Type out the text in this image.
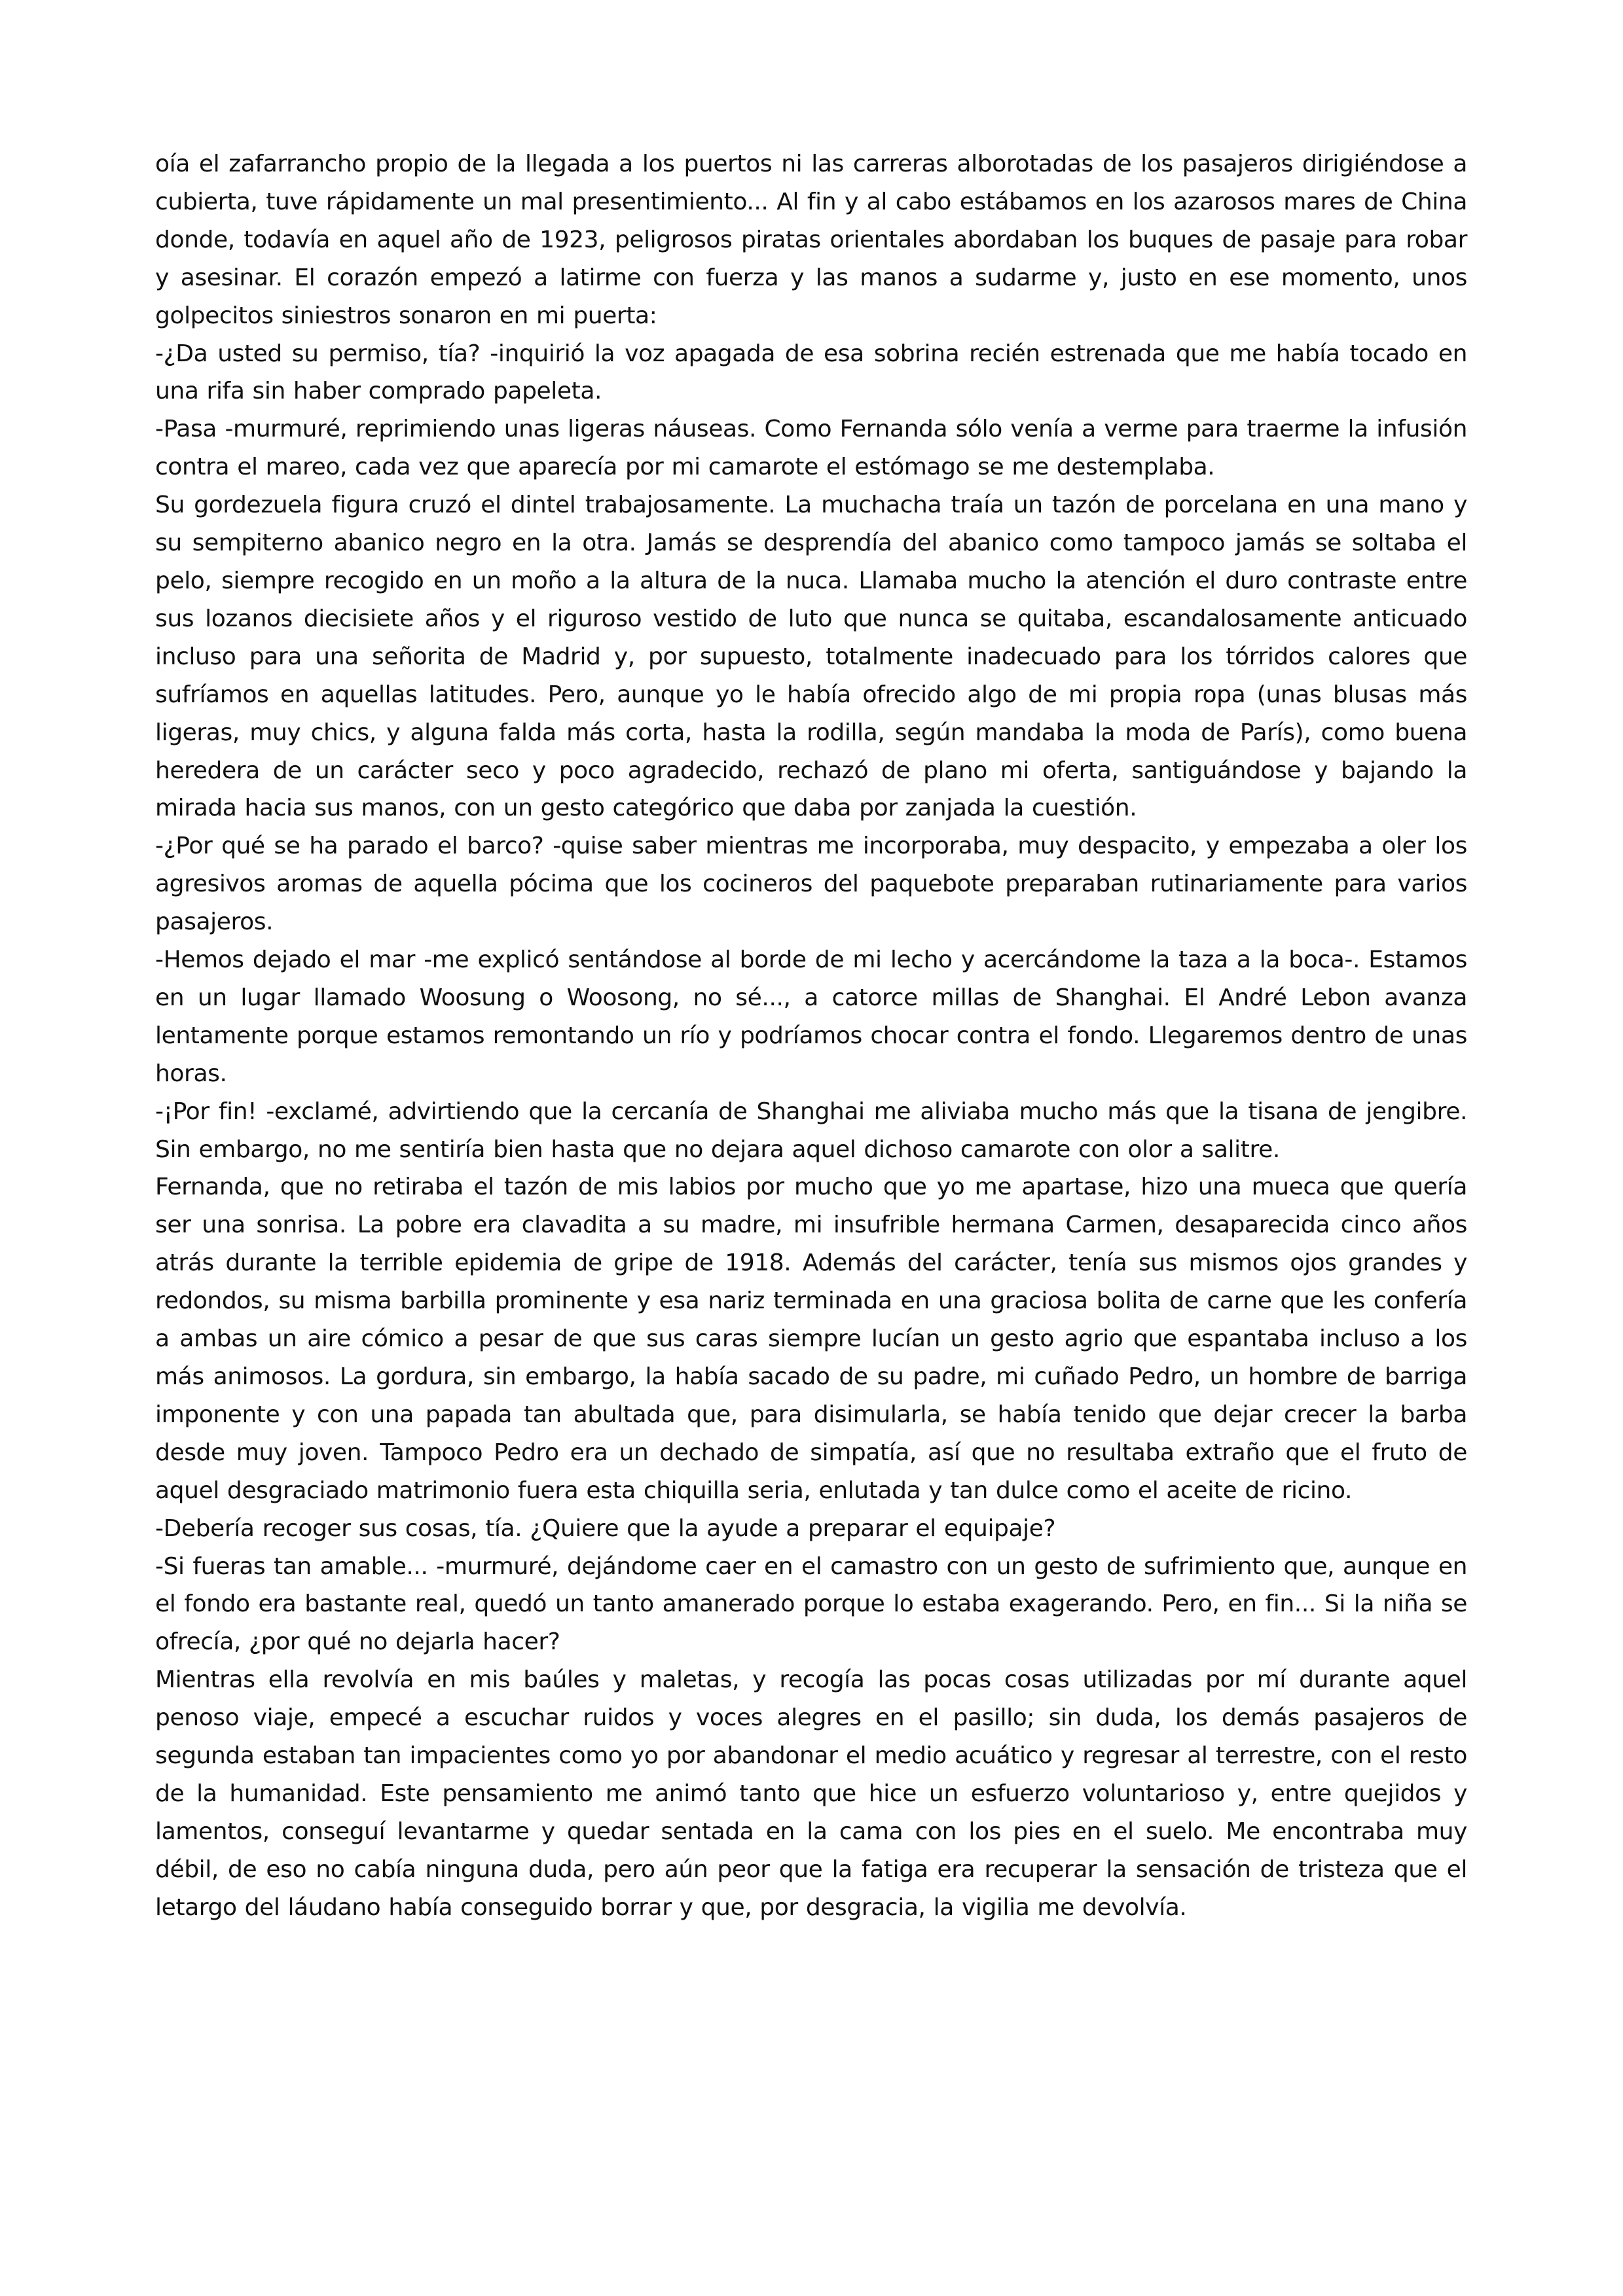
oía el zafarrancho propio de la llegada a los puertos ni las carreras alborotadas de los pasajeros dirigiéndose a cubierta, tuve rápidamente un mal presentimiento... Al fin y al cabo estábamos en los azarosos mares de China donde, todavía en aquel año de 1923, peligrosos piratas orientales abordaban los buques de pasaje para robar y asesinar. El corazón empezó a latirme con fuerza y las manos a sudarme y, justo en ese momento, unos golpecitos siniestros sonaron en mi puerta:

-¿Da usted su permiso, tía? -inquirió la voz apagada de esa sobrina recién estrenada que me había tocado en una rifa sin haber comprado papeleta.

-Pasa -murmuré, reprimiendo unas ligeras náuseas. Como Fernanda sólo venía a verme para traerme la infusión contra el mareo, cada vez que aparecía por mi camarote el estómago se me destemplaba.

Su gordezuela figura cruzó el dintel trabajosamente. La muchacha traía un tazón de porcelana en una mano y su sempiterno abanico negro en la otra. Jamás se desprendía del abanico como tampoco jamás se soltaba el pelo, siempre recogido en un moño a la altura de la nuca. Llamaba mucho la atención el duro contraste entre sus lozanos diecisiete años y el riguroso vestido de luto que nunca se quitaba, escandalosamente anticuado incluso para una señorita de Madrid y, por supuesto, totalmente inadecuado para los tórridos calores que sufríamos en aquellas latitudes. Pero, aunque yo le había ofrecido algo de mi propia ropa (unas blusas más ligeras, muy chics, y alguna falda más corta, hasta la rodilla, según mandaba la moda de París), como buena heredera de un carácter seco y poco agradecido, rechazó de plano mi oferta, santiguándose y bajando la mirada hacia sus manos, con un gesto categórico que daba por zanjada la cuestión.

-¿Por qué se ha parado el barco? -quise saber mientras me incorporaba, muy despacito, y empezaba a oler los agresivos aromas de aquella pócima que los cocineros del paquebote preparaban rutinariamente para varios pasajeros.

-Hemos dejado el mar -me explicó sentándose al borde de mi lecho y acercándome la taza a la boca-. Estamos en un lugar llamado Woosung o Woosong, no sé..., a catorce millas de Shanghai. El André Lebon avanza lentamente porque estamos remontando un río y podríamos chocar contra el fondo. Llegaremos dentro de unas horas.

-¡Por fin! -exclamé, advirtiendo que la cercanía de Shanghai me aliviaba mucho más que la tisana de jengibre. Sin embargo, no me sentiría bien hasta que no dejara aquel dichoso camarote con olor a salitre.

Fernanda, que no retiraba el tazón de mis labios por mucho que yo me apartase, hizo una mueca que quería ser una sonrisa. La pobre era clavadita a su madre, mi insufrible hermana Carmen, desaparecida cinco años atrás durante la terrible epidemia de gripe de 1918. Además del carácter, tenía sus mismos ojos grandes y redondos, su misma barbilla prominente y esa nariz terminada en una graciosa bolita de carne que les confería a ambas un aire cómico a pesar de que sus caras siempre lucían un gesto agrio que espantaba incluso a los más animosos. La gordura, sin embargo, la había sacado de su padre, mi cuñado Pedro, un hombre de barriga imponente y con una papada tan abultada que, para disimularla, se había tenido que dejar crecer la barba desde muy joven. Tampoco Pedro era un dechado de simpatía, así que no resultaba extraño que el fruto de aquel desgraciado matrimonio fuera esta chiquilla seria, enlutada y tan dulce como el aceite de ricino.

-Debería recoger sus cosas, tía. ¿Quiere que la ayude a preparar el equipaje?

-Si fueras tan amable... -murmuré, dejándome caer en el camastro con un gesto de sufrimiento que, aunque en el fondo era bastante real, quedó un tanto amanerado porque lo estaba exagerando. Pero, en fin... Si la niña se ofrecía, ¿por qué no dejarla hacer?

Mientras ella revolvía en mis baúles y maletas, y recogía las pocas cosas utilizadas por mí durante aquel penoso viaje, empecé a escuchar ruidos y voces alegres en el pasillo; sin duda, los demás pasajeros de segunda estaban tan impacientes como yo por abandonar el medio acuático y regresar al terrestre, con el resto de la humanidad. Este pensamiento me animó tanto que hice un esfuerzo voluntarioso y, entre quejidos y lamentos, conseguí levantarme y quedar sentada en la cama con los pies en el suelo. Me encontraba muy débil, de eso no cabía ninguna duda, pero aún peor que la fatiga era recuperar la sensación de tristeza que el letargo del láudano había conseguido borrar y que, por desgracia, la vigilia me devolvía.
